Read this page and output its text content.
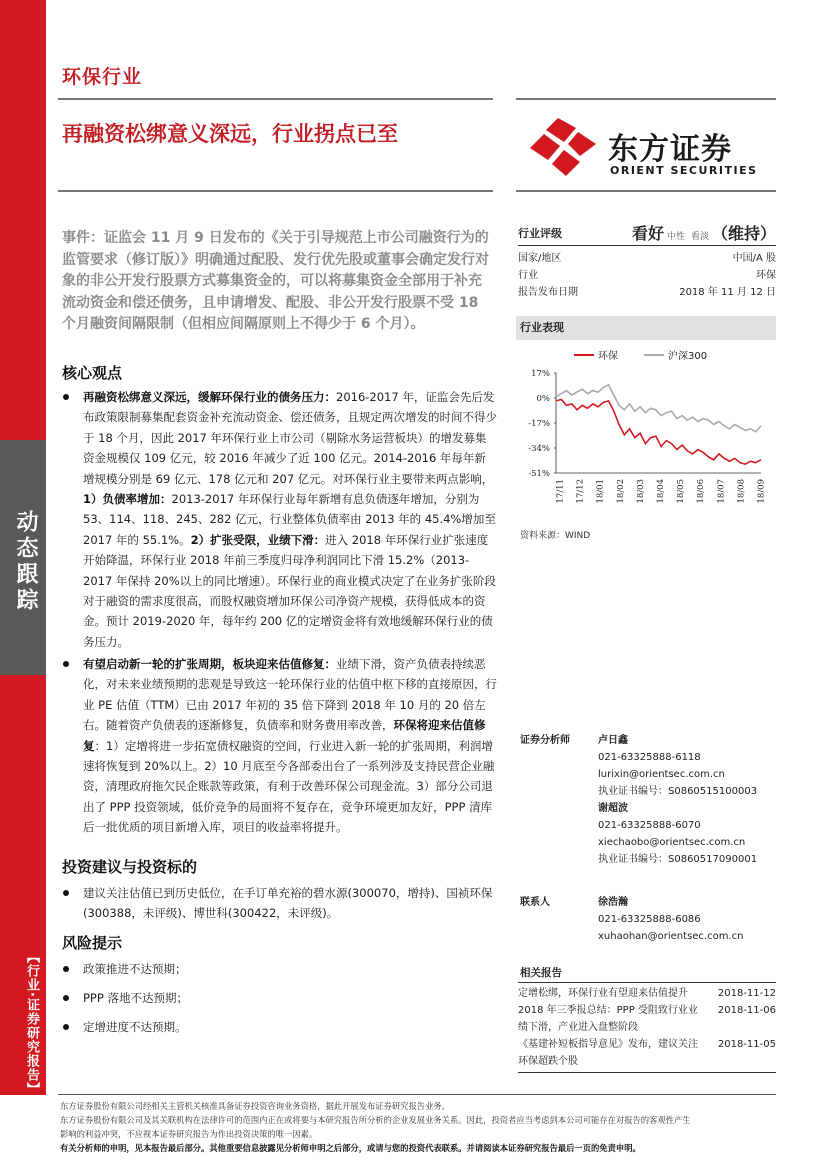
动态跟踪
【行业·证券研究报告】
环保行业
再融资松绑意义深远，行业拐点已至	东方证券
ORIENT SECURITIES
事件：证监会 11 月 9 日发布的《关于引导规范上市公司融资行为的监管要求（修订版）》明确通过配股、发行优先股或董事会确定发行对象的非公开发行股票方式募集资金的，可以将募集资金全部用于补充流动资金和偿还债务，且申请增发、配股、非公开发行股票不受 18 个月融资间隔限制（但相应间隔原则上不得少于 6 个月）。
核心观点
再融资松绑意义深远，缓解环保行业的债务压力：2016-2017 年，证监会先后发布政策限制募集配套资金补充流动资金、偿还债务，且规定两次增发的时间不得少于 18 个月，因此 2017 年环保行业上市公司（剔除水务运营板块）的增发募集资金规模仅 109 亿元，较 2016 年减少了近 100 亿元。2014-2016 年每年新增规模分别是 69 亿元、178 亿元和 207 亿元。对环保行业主要带来两点影响，1）负债率增加：2013-2017 年环保行业每年新增有息负债逐年增加，分别为 53、114、118、245、282 亿元，行业整体负债率由 2013 年的 45.4%增加至 2017 年的 55.1%。2）扩张受限，业绩下滑：进入 2018 年环保行业扩张速度开始降温，环保行业 2018 年前三季度归母净利润同比下滑 15.2%（2013-2017 年保持 20%以上的同比增速）。环保行业的商业模式决定了在业务扩张阶段对于融资的需求度很高，而股权融资增加环保公司净资产规模，获得低成本的资金。预计 2019-2020 年，每年约 200 亿的定增资金将有效地缓解环保行业的债务压力。
有望启动新一轮的扩张周期，板块迎来估值修复：业绩下滑，资产负债表持续恶化，对未来业绩预期的悲观是导致这一轮环保行业的估值中枢下移的直接原因，行业 PE 估值（TTM）已由 2017 年初的 35 倍下降到 2018 年 10 月的 20 倍左右。随着资产负债表的逐渐修复，负债率和财务费用率改善，环保将迎来估值修复：1）定增将进一步拓宽债权融资的空间，行业进入新一轮的扩张周期，利润增速将恢复到 20%以上。2）10 月底至今各部委出台了一系列涉及支持民营企业融资，清理政府拖欠民企账款等政策，有利于改善环保公司现金流。3）部分公司退出了 PPP 投资领域，低价竞争的局面将不复存在，竞争环境更加友好，PPP 清库后一批优质的项目新增入库，项目的收益率将提升。
投资建议与投资标的
建议关注估值已到历史低位，在手订单充裕的碧水源(300070，增持)、国祯环保(300388，未评级)、博世科(300422，未评级)。
风险提示
政策推进不达预期；
PPP 落地不达预期；
定增进度不达预期。
行业评级	看好 中性 看淡 （维持）
国家/地区	中国/A 股
行业	环保
报告发布日期	2018 年 11 月 12 日
行业表现
环保	沪深300
17%
0%
-17%
-34%
-51%
17/11 17/12 18/01 18/02 18/03 18/04 18/05 18/06 18/07 18/08 18/09
资料来源：WIND
证券分析师	卢日鑫
021-63325888-6118
lurixin@orientsec.com.cn
执业证书编号：S0860515100003
谢超波
021-63325888-6070
xiechaobo@orientsec.com.cn
执业证书编号：S0860517090001
联系人	徐浩瀚
021-63325888-6086
xuhaohan@orientsec.com.cn
相关报告
定增松绑，环保行业有望迎来估值提升	2018-11-12
2018 年三季报总结：PPP 受阻致行业业 2018-11-06
绩下滑，产业进入盘整阶段
《基建补短板指导意见》发布，建议关注 2018-11-05
环保超跌个股
东方证券股份有限公司经相关主管机关核准具备证券投资咨询业务资格，据此开展发布证券研究报告业务。
东方证券股份有限公司及其关联机构在法律许可的范围内正在或将要与本研究报告所分析的企业发展业务关系。因此，投资者应当考虑到本公司可能存在对报告的客观性产生
影响的利益冲突，不应视本证券研究报告为作出投资决策的唯一因素。
有关分析师的申明，见本报告最后部分。其他重要信息披露见分析师申明之后部分，或请与您的投资代表联系。并请阅读本证券研究报告最后一页的免责申明。
